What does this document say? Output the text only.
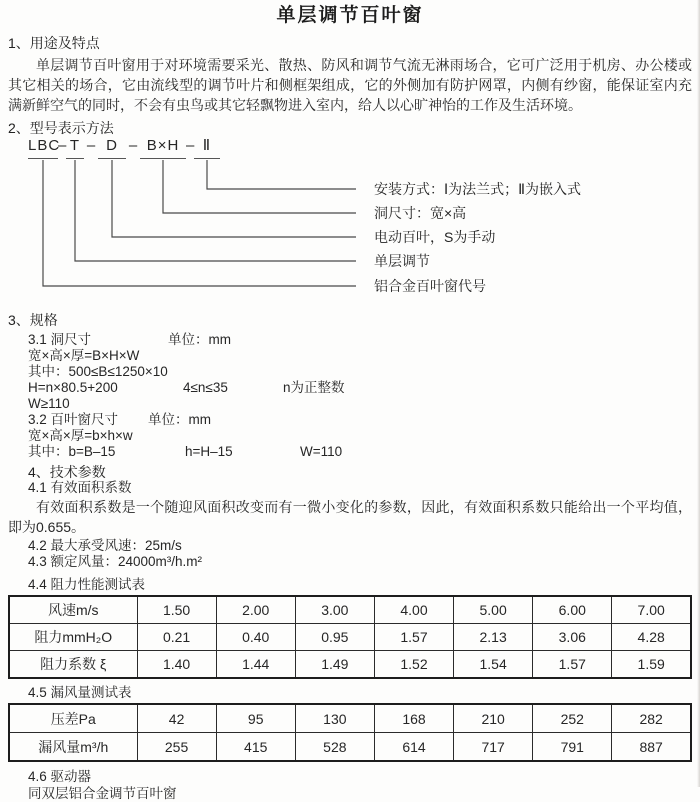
单层调节百叶窗
1、用途及特点
单层调节百叶窗用于对环境需要采光、散热、防风和调节气流无淋雨场合，它可广泛用于机房、办公楼或其它相关的场合，它由流线型的调节叶片和侧框架组成，它的外侧加有防护网罩，内侧有纱窗，能保证室内充满新鲜空气的同时，不会有虫鸟或其它轻飘物进入室内，给人以心旷神怡的工作及生活环境。
2、型号表示方法
LBC
– T – D – B×H – Ⅱ
安装方式：Ⅰ为法兰式；Ⅱ为嵌入式
洞尺寸：宽×高
电动百叶，S为手动
单层调节
铝合金百叶窗代号
3、规格
3.1 洞尺寸	单位：mm
宽×高×厚=B×H×W
其中：500≤B≤1250×10
H=n×80.5+200	4≤n≤35	n为正整数
W≥110
3.2 百叶窗尺寸 单位：mm
宽×高×厚=b×h×w
其中：b=B–15	h=H–15	W=110
4、技术参数
4.1 有效面积系数
有效面积系数是一个随迎风面积改变而有一微小变化的参数，因此，有效面积系数只能给出一个平均值，即为0.655。
4.2 最大承受风速：25m/s
4.3 额定风量：24000m³/h.m²
4.4 阻力性能测试表
风速m/s	1.50	2.00	3.00	4.00	5.00	6.00	7.00
阻力mmH₂O	0.21	0.40	0.95	1.57	2.13	3.06	4.28
阻力系数 ξ	1.40	1.44	1.49	1.52	1.54	1.57	1.59
4.5 漏风量测试表
压差Pa	42	95	130	168	210	252	282
漏风量m³/h	255	415	528	614	717	791	887
4.6 驱动器
同双层铝合金调节百叶窗
